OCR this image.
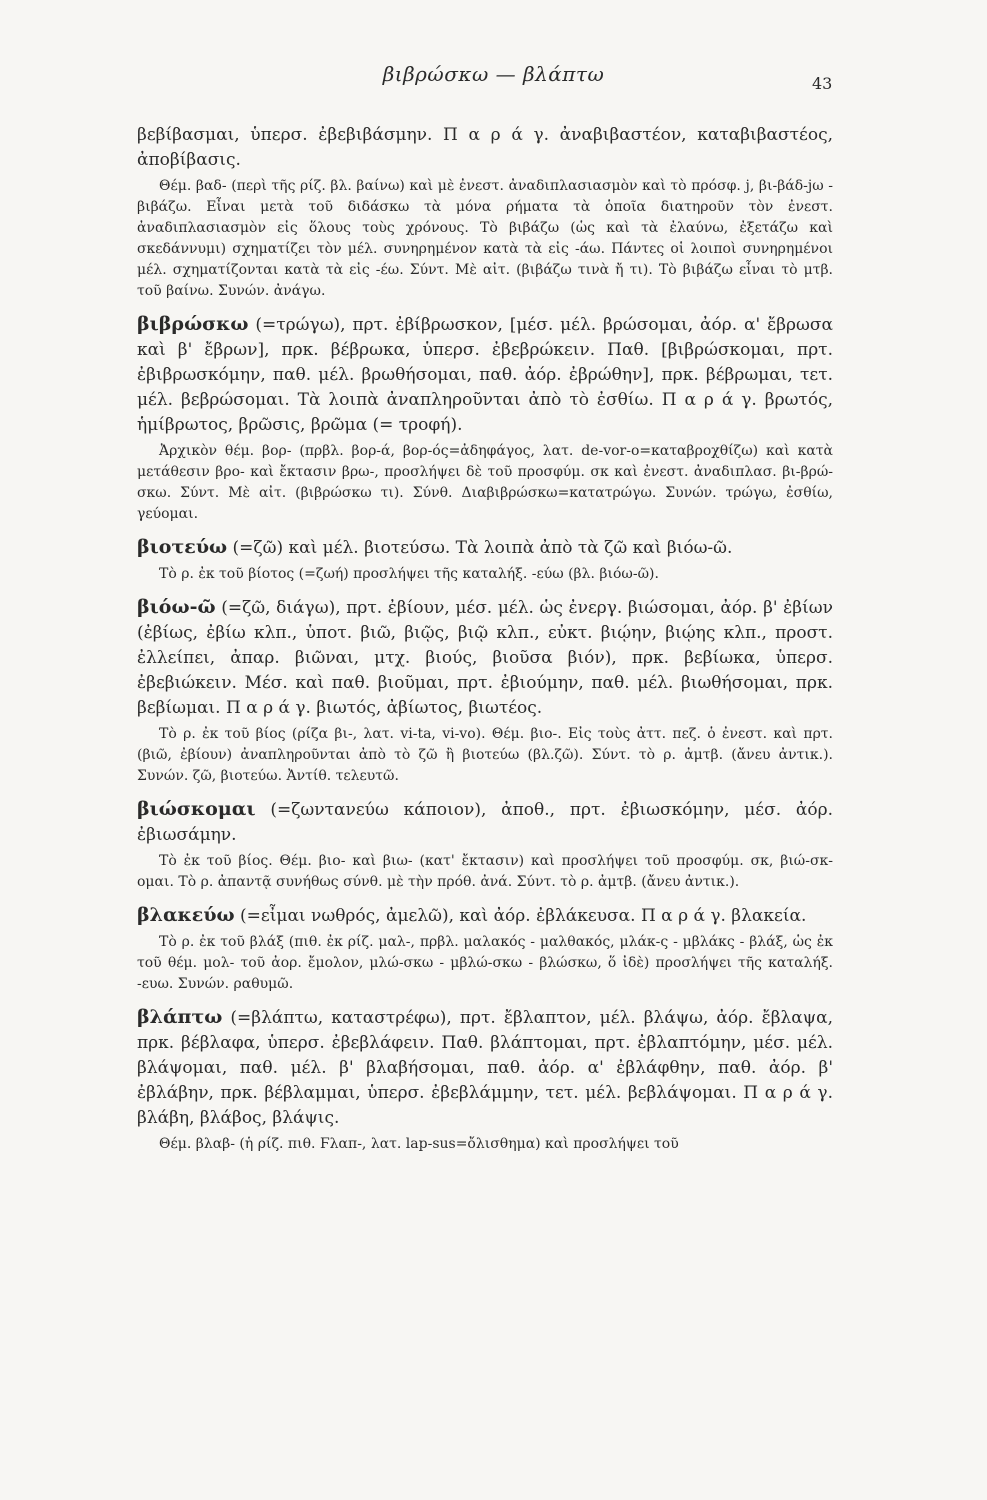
βιβρώσκω — βλάπτω	43

βεβίβασμαι, ὑπερσ. ἐβεβιβάσμην. Π α ρ ά γ. ἀναβιβαστέον, καταβιβαστέος, ἀποβίβασις.

Θέμ. βαδ- (περὶ τῆς ρίζ. βλ. βαίνω) καὶ μὲ ἐνεστ. ἀναδιπλασιασμὸν καὶ τὸ πρόσφ. j, βι-βάδ-jω - βιβάζω. Εἶναι μετὰ τοῦ διδάσκω τὰ μόνα ρήματα τὰ ὁποῖα διατηροῦν τὸν ἐνεστ. ἀναδιπλασιασμὸν εἰς ὅλους τοὺς χρόνους. Τὸ βιβάζω (ὡς καὶ τὰ ἐλαύνω, ἐξετάζω καὶ σκεδάννυμι) σχηματίζει τὸν μέλ. συνηρημένον κατὰ τὰ εἰς -άω. Πάντες οἱ λοιποὶ συνηρημένοι μέλ. σχηματίζονται κατὰ τὰ εἰς -έω. Σύντ. Μὲ αἰτ. (βιβάζω τινὰ ἤ τι). Τὸ βιβάζω εἶναι τὸ μτβ. τοῦ βαίνω. Συνών. ἀνάγω.

βιβρώσκω (=τρώγω), πρτ. ἐβίβρωσκον, [μέσ. μέλ. βρώσομαι, ἀόρ. α' ἔβρωσα καὶ β' ἔβρων], πρκ. βέβρωκα, ὑπερσ. ἐβεβρώκειν. Παθ. [βιβρώσκομαι, πρτ. ἐβιβρωσκόμην, παθ. μέλ. βρωθήσομαι, παθ. ἀόρ. ἐβρώθην], πρκ. βέβρωμαι, τετ. μέλ. βεβρώσομαι. Τὰ λοιπὰ ἀναπληροῦνται ἀπὸ τὸ ἐσθίω. Π α ρ ά γ. βρωτός, ἡμίβρωτος, βρῶσις, βρῶμα (= τροφή).

Ἀρχικὸν θέμ. βορ- (πρβλ. βορ-ά, βορ-ός=ἀδηφάγος, λατ. de-vor-o=καταβροχθίζω) καὶ κατὰ μετάθεσιν βρο- καὶ ἔκτασιν βρω-, προσλήψει δὲ τοῦ προσφύμ. σκ καὶ ἐνεστ. ἀναδιπλασ. βι-βρώ-σκω. Σύντ. Μὲ αἰτ. (βιβρώσκω τι). Σύνθ. Διαβιβρώσκω=κατατρώγω. Συνών. τρώγω, ἐσθίω, γεύομαι.

βιοτεύω (=ζῶ) καὶ μέλ. βιοτεύσω. Τὰ λοιπὰ ἀπὸ τὰ ζῶ καὶ βιόω-ῶ.

Τὸ ρ. ἐκ τοῦ βίοτος (=ζωή) προσλήψει τῆς καταλήξ. -εύω (βλ. βιόω-ῶ).

βιόω-ῶ (=ζῶ, διάγω), πρτ. ἐβίουν, μέσ. μέλ. ὡς ἐνεργ. βιώσομαι, ἀόρ. β' ἐβίων (ἐβίως, ἐβίω κλπ., ὑποτ. βιῶ, βιῷς, βιῷ κλπ., εὐκτ. βιῴην, βιῴης κλπ., προστ. ἐλλείπει, ἀπαρ. βιῶναι, μτχ. βιούς, βιοῦσα βιόν), πρκ. βεβίωκα, ὑπερσ. ἐβεβιώκειν. Μέσ. καὶ παθ. βιοῦμαι, πρτ. ἐβιούμην, παθ. μέλ. βιωθήσομαι, πρκ. βεβίωμαι. Π α ρ ά γ. βιωτός, ἀβίωτος, βιωτέος.

Τὸ ρ. ἐκ τοῦ βίος (ρίζα βι-, λατ. vi-ta, vi-vo). Θέμ. βιο-. Εἰς τοὺς ἀττ. πεζ. ὁ ἐνεστ. καὶ πρτ. (βιῶ, ἐβίουν) ἀναπληροῦνται ἀπὸ τὸ ζῶ ἢ βιοτεύω (βλ.ζῶ). Σύντ. τὸ ρ. ἀμτβ. (ἄνευ ἀντικ.). Συνών. ζῶ, βιοτεύω. Ἀντίθ. τελευτῶ.

βιώσκομαι (=ζωντανεύω κάποιον), ἀποθ., πρτ. ἐβιωσκόμην, μέσ. ἀόρ. ἐβιωσάμην.

Τὸ ἐκ τοῦ βίος. Θέμ. βιο- καὶ βιω- (κατ' ἔκτασιν) καὶ προσλήψει τοῦ προσφύμ. σκ, βιώ-σκ-ομαι. Τὸ ρ. ἀπαντᾷ συνήθως σύνθ. μὲ τὴν πρόθ. ἀνά. Σύντ. τὸ ρ. ἀμτβ. (ἄνευ ἀντικ.).

βλακεύω (=εἶμαι νωθρός, ἀμελῶ), καὶ ἀόρ. ἐβλάκευσα. Π α ρ ά γ. βλακεία.

Τὸ ρ. ἐκ τοῦ βλάξ (πιθ. ἐκ ρίζ. μαλ-, πρβλ. μαλακός - μαλθακός, μλάκ-ς - μβλάκς - βλάξ, ὡς ἐκ τοῦ θέμ. μολ- τοῦ ἀορ. ἔμολον, μλώ-σκω - μβλώ-σκω - βλώσκω, ὅ ἰδὲ) προσλήψει τῆς καταλήξ. -ευω. Συνών. ραθυμῶ.

βλάπτω (=βλάπτω, καταστρέφω), πρτ. ἔβλαπτον, μέλ. βλάψω, ἀόρ. ἔβλαψα, πρκ. βέβλαφα, ὑπερσ. ἐβεβλάφειν. Παθ. βλάπτομαι, πρτ. ἐβλαπτόμην, μέσ. μέλ. βλάψομαι, παθ. μέλ. β' βλαβήσομαι, παθ. ἀόρ. α' ἐβλάφθην, παθ. ἀόρ. β' ἐβλάβην, πρκ. βέβλαμμαι, ὑπερσ. ἐβεβλάμμην, τετ. μέλ. βεβλάψομαι. Π α ρ ά γ. βλάβη, βλάβος, βλάψις.

Θέμ. βλαβ- (ἡ ρίζ. πιθ. Ϝλαπ-, λατ. lap-sus=ὄλισθημα) καὶ προσλήψει τοῦ
